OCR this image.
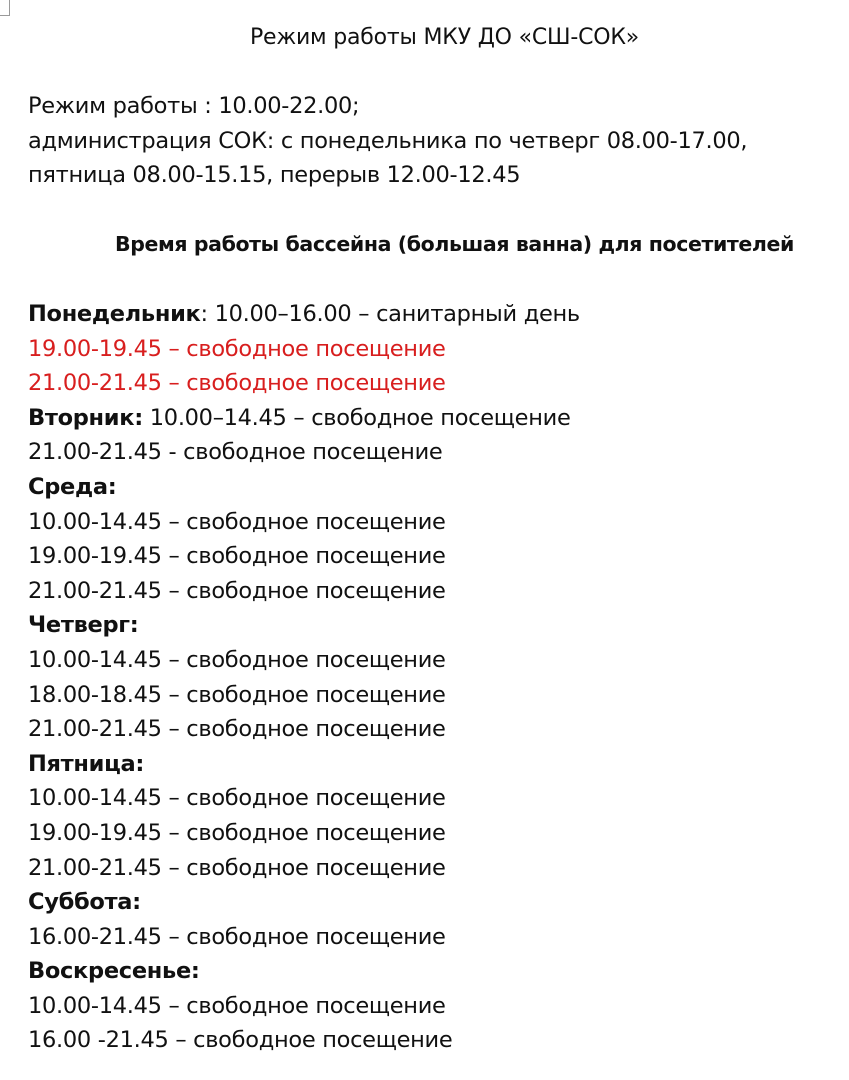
Режим работы МКУ ДО «СШ-СОК»
Режим работы : 10.00-22.00;
администрация СОК: с понедельника по четверг 08.00-17.00,
пятница 08.00-15.15, перерыв 12.00-12.45
Время работы бассейна (большая ванна) для посетителей
Понедельник: 10.00–16.00 – санитарный день
19.00-19.45 – свободное посещение
21.00-21.45 – свободное посещение
Вторник: 10.00–14.45 – свободное посещение
21.00-21.45 - свободное посещение
Среда:
10.00-14.45 – свободное посещение
19.00-19.45 – свободное посещение
21.00-21.45 – свободное посещение
Четверг:
10.00-14.45 – свободное посещение
18.00-18.45 – свободное посещение
21.00-21.45 – свободное посещение
Пятница:
10.00-14.45 – свободное посещение
19.00-19.45 – свободное посещение
21.00-21.45 – свободное посещение
Суббота:
16.00-21.45 – свободное посещение
Воскресенье:
10.00-14.45 – свободное посещение
16.00 -21.45 – свободное посещение
